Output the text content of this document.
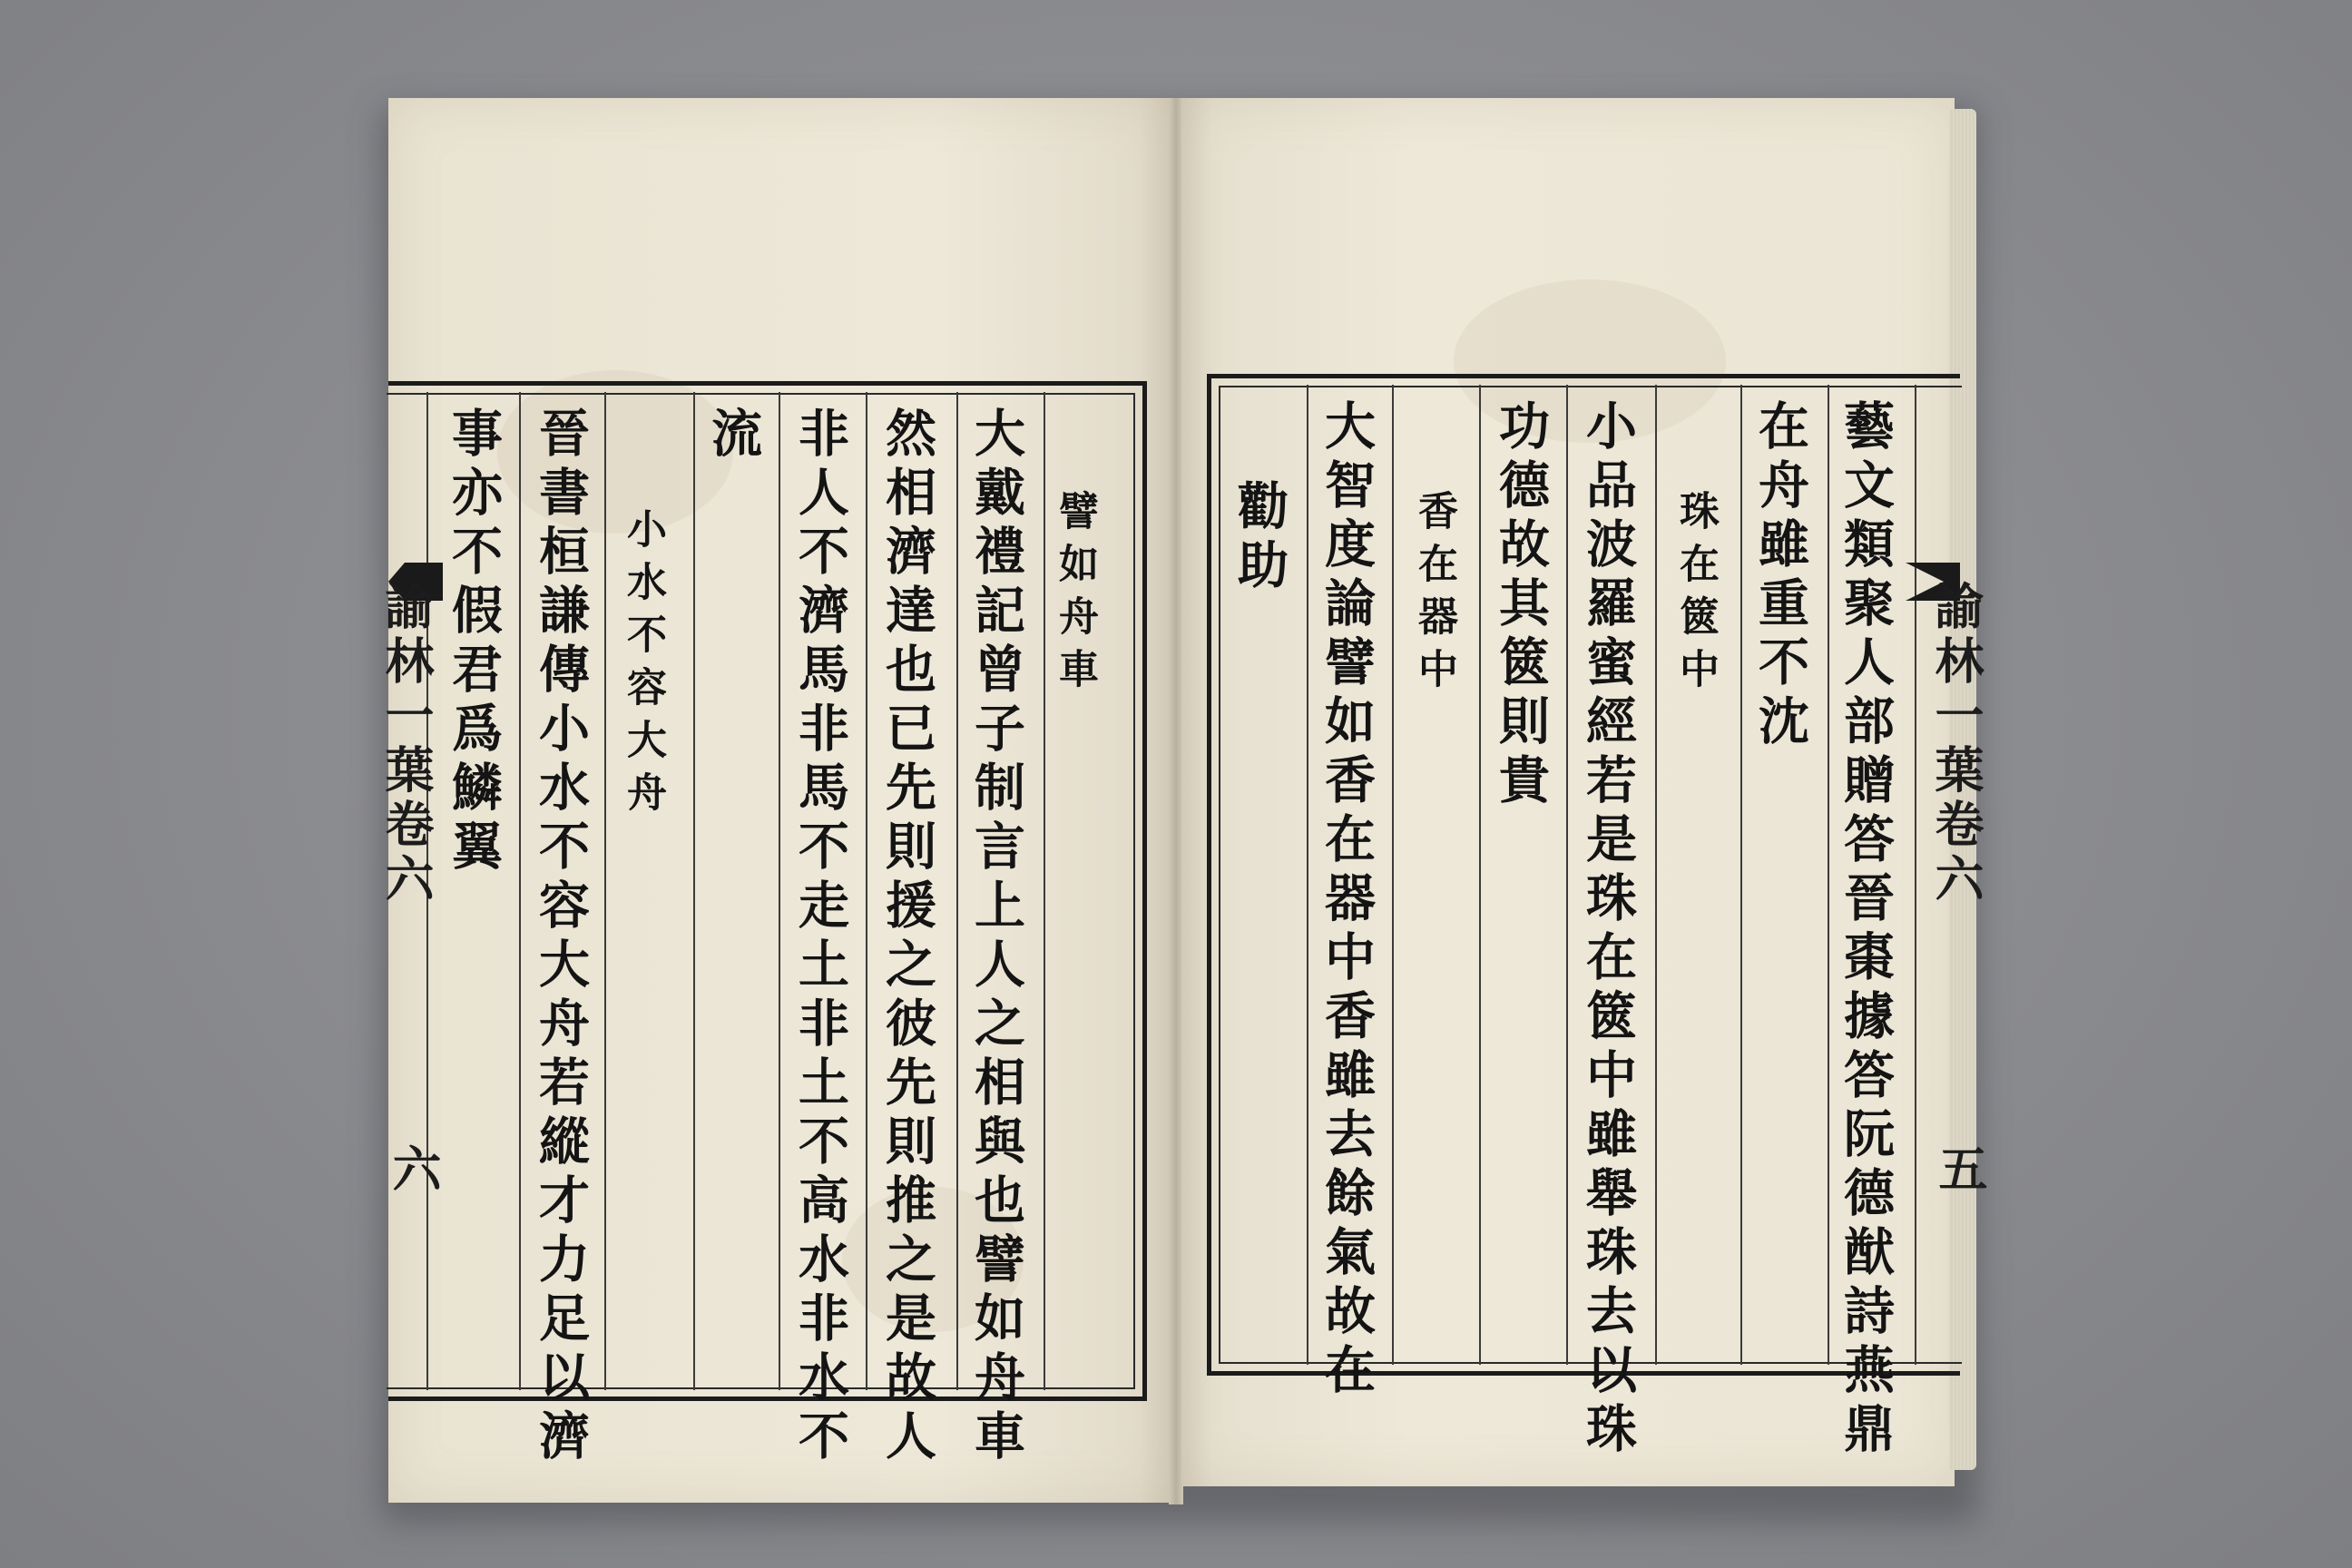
諭林一葉卷六
六
譬如舟車
大戴禮記曾子制言上人之相與也譬如舟車
然相濟達也已先則援之彼先則推之是故人
非人不濟馬非馬不走土非土不高水非水不
流
小水不容大舟
晉書桓謙傳小水不容大舟若縱才力足以濟
事亦不假君爲鱗翼	諭林一葉卷六
五
藝文類聚人部贈答晉棗據答阮德猷詩燕鼎
在舟雖重不沈
珠在篋中
小品波羅蜜經若是珠在篋中雖舉珠去以珠
功德故其篋則貴
香在器中
大智度論譬如香在器中香雖去餘氣故在
勸助
